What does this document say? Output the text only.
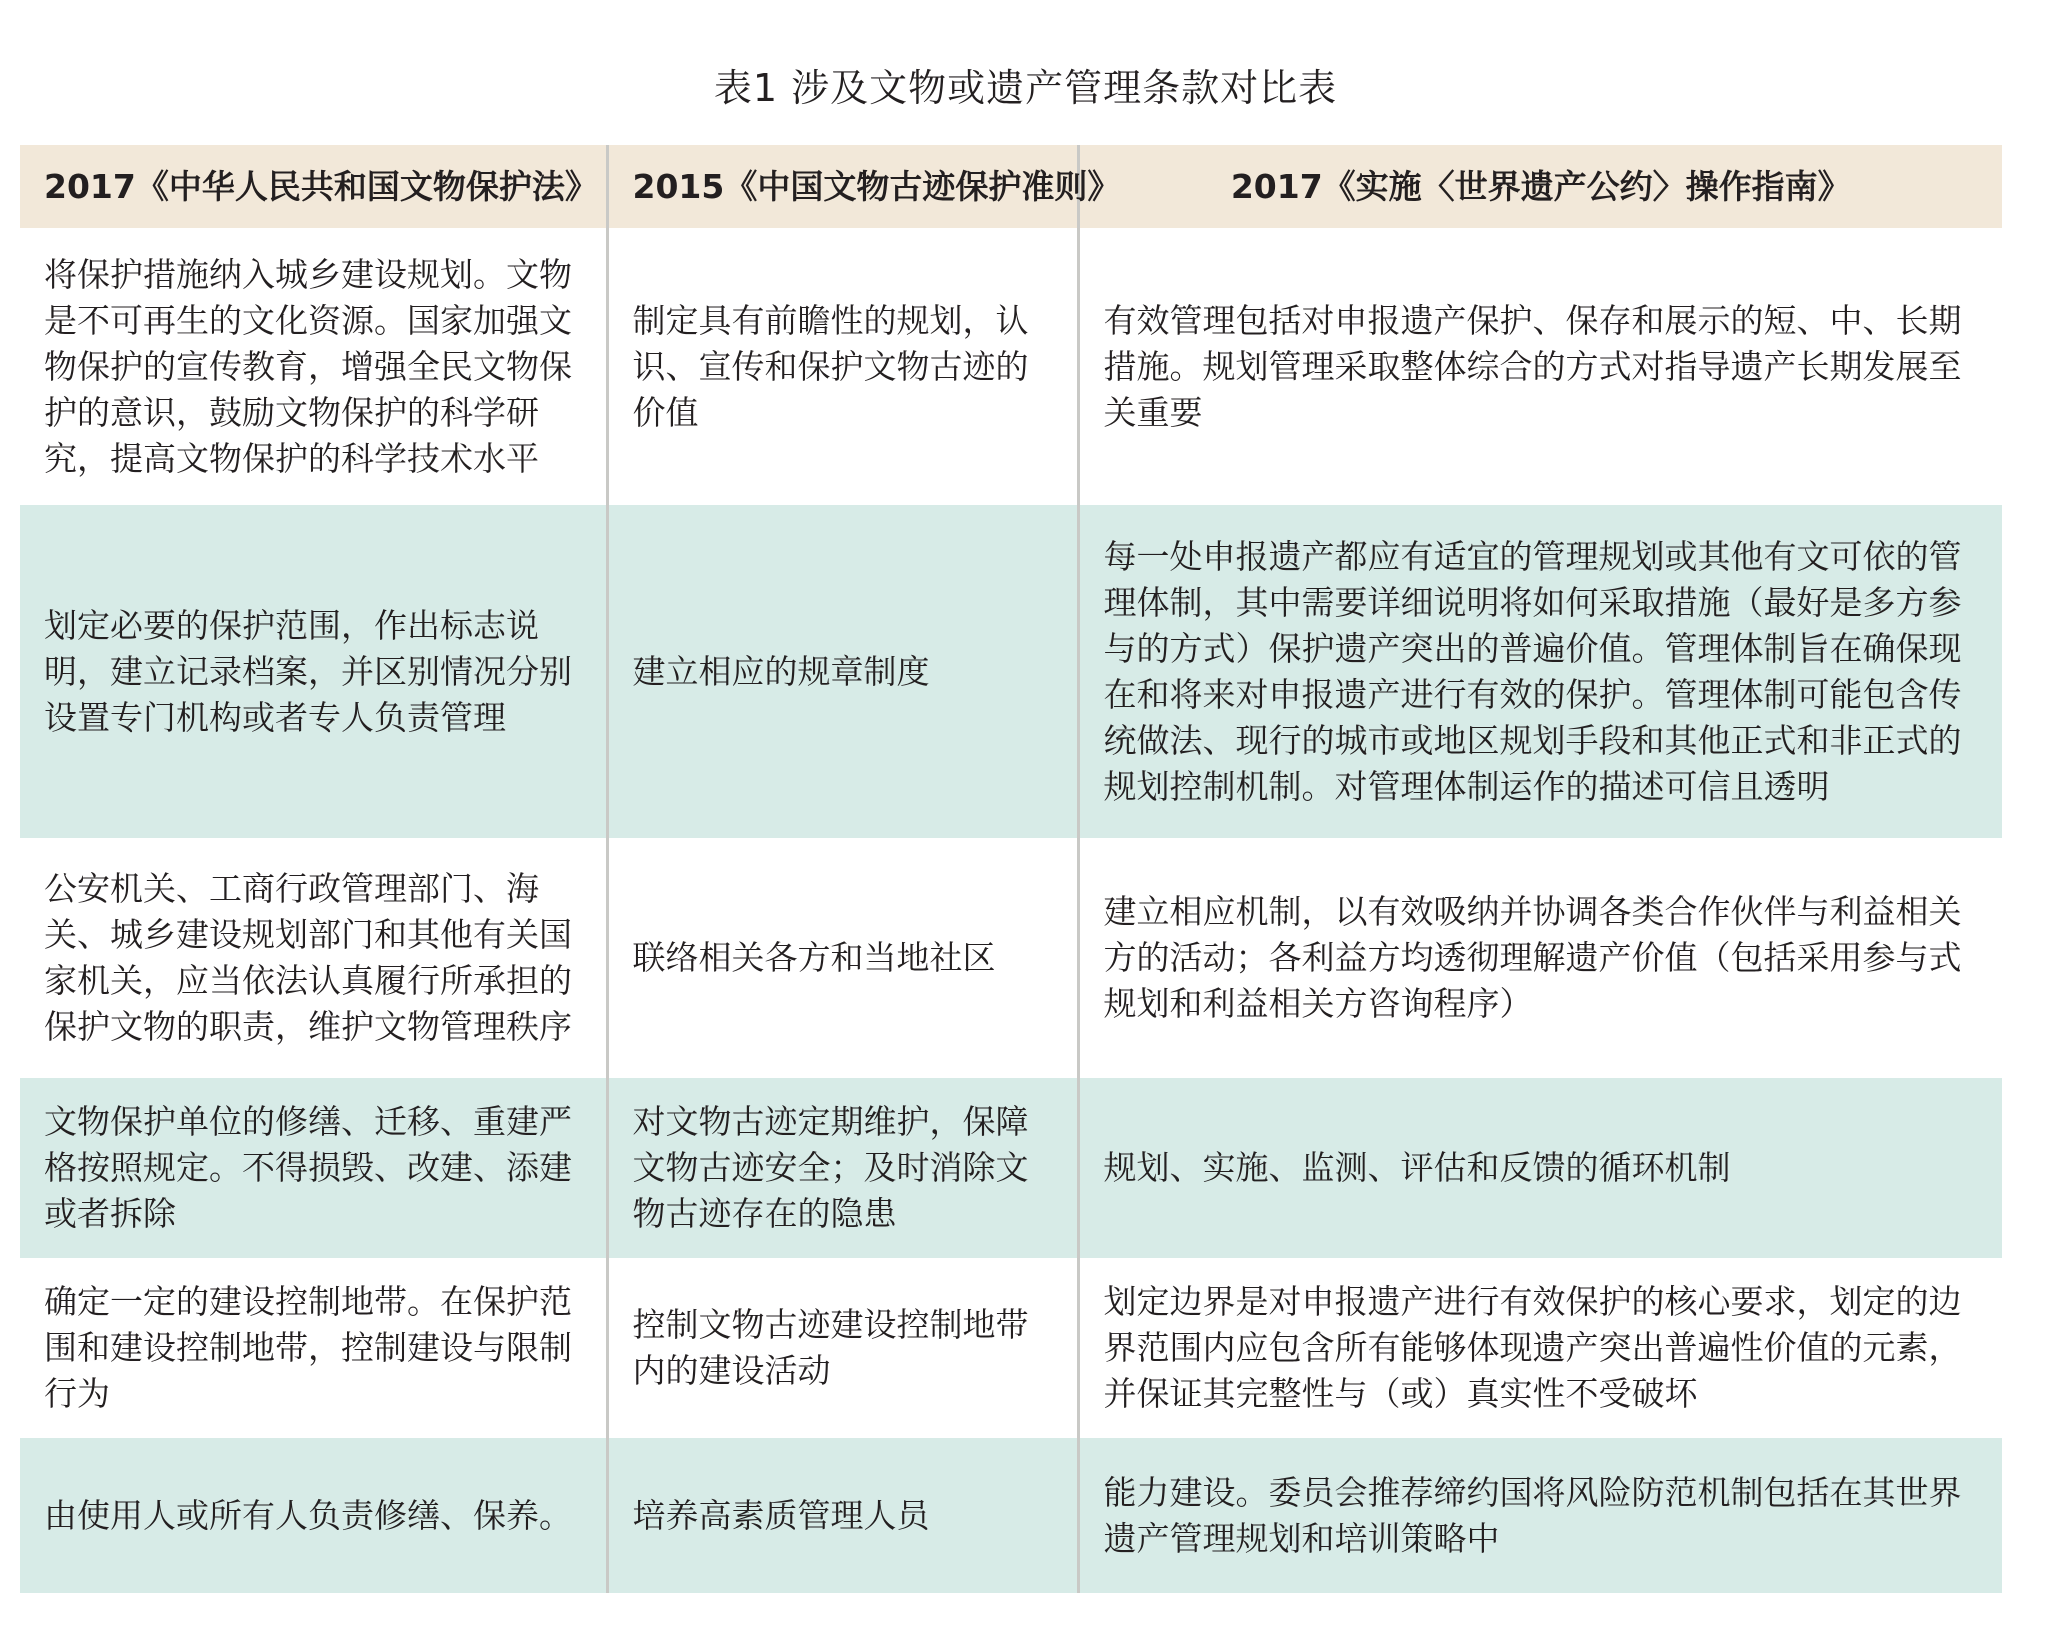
表1 涉及文物或遗产管理条款对比表
2017《中华人民共和国文物保护法》	2015《中国文物古迹保护准则》	2017《实施〈世界遗产公约〉操作指南》
将保护措施纳入城乡建设规划。文物是不可再生的文化资源。国家加强文物保护的宣传教育，增强全民文物保护的意识，鼓励文物保护的科学研究，提高文物保护的科学技术水平	制定具有前瞻性的规划，认识、宣传和保护文物古迹的价值	有效管理包括对申报遗产保护、保存和展示的短、中、长期措施。规划管理采取整体综合的方式对指导遗产长期发展至关重要
划定必要的保护范围，作出标志说明，建立记录档案，并区别情况分别设置专门机构或者专人负责管理	建立相应的规章制度	每一处申报遗产都应有适宜的管理规划或其他有文可依的管理体制，其中需要详细说明将如何采取措施（最好是多方参与的方式）保护遗产突出的普遍价值。管理体制旨在确保现在和将来对申报遗产进行有效的保护。管理体制可能包含传统做法、现行的城市或地区规划手段和其他正式和非正式的规划控制机制。对管理体制运作的描述可信且透明
公安机关、工商行政管理部门、海关、城乡建设规划部门和其他有关国家机关，应当依法认真履行所承担的保护文物的职责，维护文物管理秩序	联络相关各方和当地社区	建立相应机制，以有效吸纳并协调各类合作伙伴与利益相关方的活动；各利益方均透彻理解遗产价值（包括采用参与式规划和利益相关方咨询程序）
文物保护单位的修缮、迁移、重建严格按照规定。不得损毁、改建、添建或者拆除	对文物古迹定期维护，保障文物古迹安全；及时消除文物古迹存在的隐患	规划、实施、监测、评估和反馈的循环机制
确定一定的建设控制地带。在保护范围和建设控制地带，控制建设与限制行为	控制文物古迹建设控制地带内的建设活动	划定边界是对申报遗产进行有效保护的核心要求，划定的边界范围内应包含所有能够体现遗产突出普遍性价值的元素，并保证其完整性与（或）真实性不受破坏
由使用人或所有人负责修缮、保养。	培养高素质管理人员	能力建设。委员会推荐缔约国将风险防范机制包括在其世界遗产管理规划和培训策略中
